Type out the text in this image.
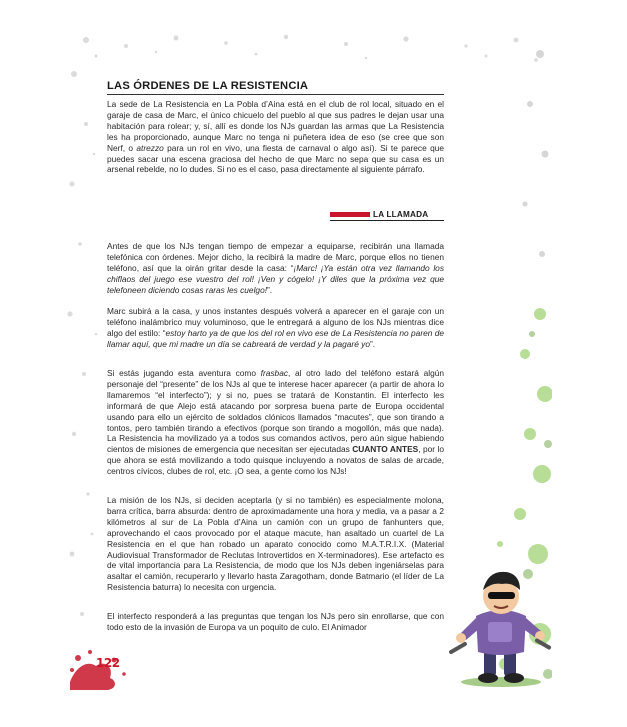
LAS ÓRDENES DE LA RESISTENCIA

La sede de La Resistencia en La Pobla d’Aina está en el club de rol local, situado en el garaje de casa de Marc, el único chicuelo del pueblo al que sus padres le dejan usar una habitación para rolear; y, sí, allí es donde los NJs guardan las armas que La Resistencia les ha proporcionado, aunque Marc no tenga ni puñetera idea de eso (se cree que son Nerf, o atrezzo para un rol en vivo, una fiesta de carnaval o algo así). Si te parece que puedes sacar una escena graciosa del hecho de que Marc no sepa que su casa es un arsenal rebelde, no lo dudes. Si no es el caso, pasa directamente al siguiente párrafo.

LA LLAMADA

Antes de que los NJs tengan tiempo de empezar a equiparse, recibirán una llamada telefónica con órdenes. Mejor dicho, la recibirá la madre de Marc, porque ellos no tienen teléfono, así que la oirán gritar desde la casa: “¡Marc! ¡Ya están otra vez llamando los chiflaos del juego ese vuestro del rol! ¡Ven y cógelo! ¡Y diles que la próxima vez que telefoneen diciendo cosas raras les cuelgo!”.

Marc subirá a la casa, y unos instantes después volverá a aparecer en el garaje con un teléfono inalámbrico muy voluminoso, que le entregará a alguno de los NJs mientras dice algo del estilo: “estoy harto ya de que los del rol en vivo ese de La Resistencia no paren de llamar aquí, que mi madre un día se cabreará de verdad y la pagaré yo”.

Si estás jugando esta aventura como frasbac, al otro lado del teléfono estará algún personaje del “presente” de los NJs al que te interese hacer aparecer (a partir de ahora lo llamaremos “el interfecto”); y si no, pues se tratará de Konstantin. El interfecto les informará de que Alejo está atacando por sorpresa buena parte de Europa occidental usando para ello un ejército de soldados clónicos llamados “macutes”, que son tirando a tontos, pero también tirando a efectivos (porque son tirando a mogollón, más que nada). La Resistencia ha movilizado ya a todos sus comandos activos, pero aún sigue habiendo cientos de misiones de emergencia que necesitan ser ejecutadas CUANTO ANTES, por lo que ahora se está movilizando a todo quisque incluyendo a novatos de salas de arcade, centros cívicos, clubes de rol, etc. ¡O sea, a gente como los NJs!

La misión de los NJs, si deciden aceptarla (y si no también) es especialmente molona, barra crítica, barra absurda: dentro de aproximadamente una hora y media, va a pasar a 2 kilómetros al sur de La Pobla d’Aina un camión con un grupo de fanhunters que, aprovechando el caos provocado por el ataque macute, han asaltado un cuartel de La Resistencia en el que han robado un aparato conocido como M.A.T.R.I.X. (Material Audiovisual Transformador de Reclutas Introvertidos en X-terminadores). Ese artefacto es de vital importancia para La Resistencia, de modo que los NJs deben ingeniárselas para asaltar el camión, recuperarlo y llevarlo hasta Zaragotham, donde Batmario (el líder de La Resistencia baturra) lo necesita con urgencia.

El interfecto responderá a las preguntas que tengan los NJs pero sin enrollarse, que con todo esto de la invasión de Europa va un poquito de culo. El Animador

122
